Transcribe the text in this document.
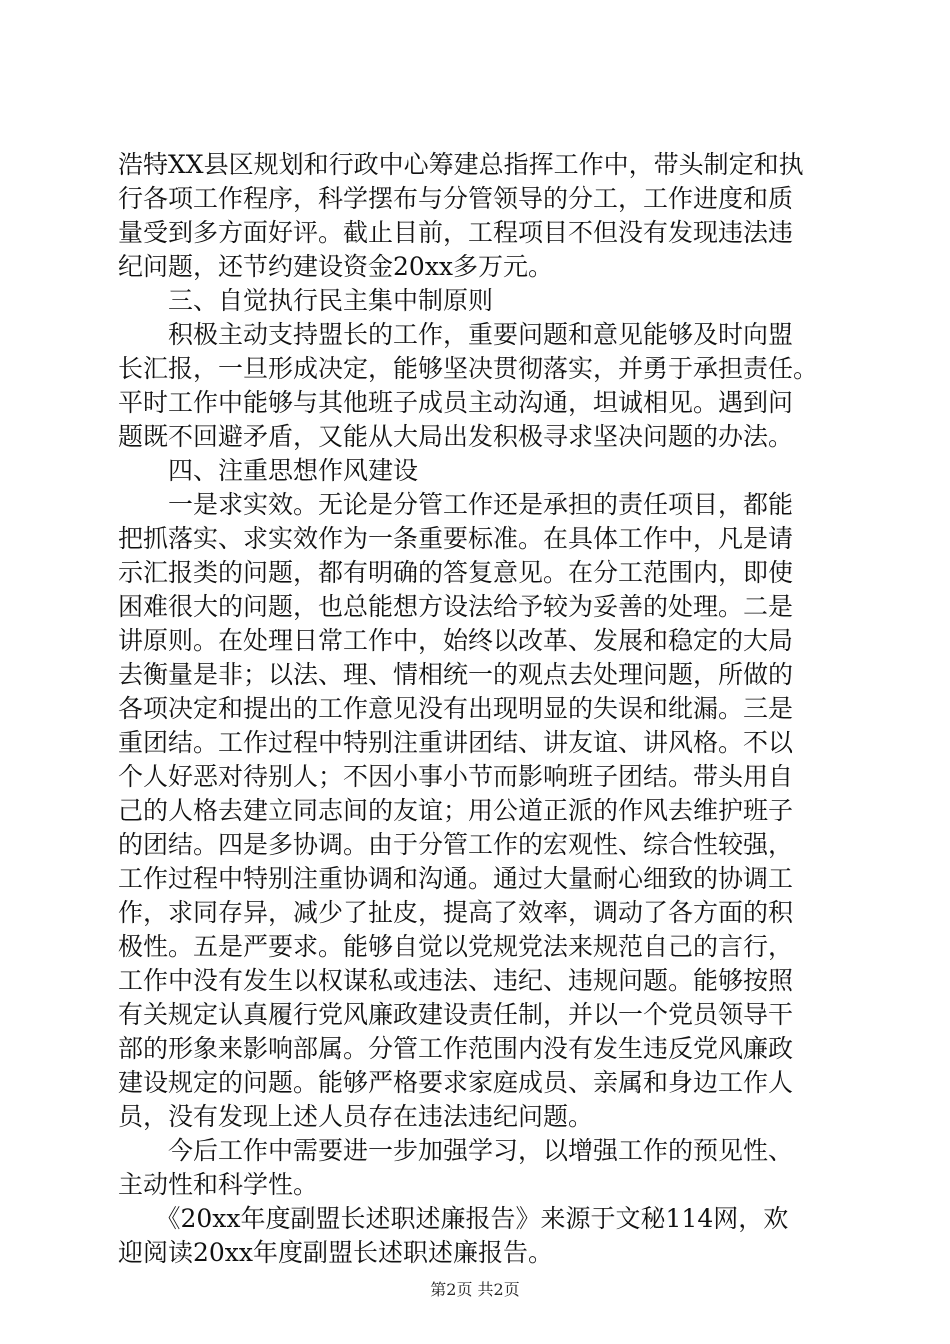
浩特XX县区规划和行政中心筹建总指挥工作中，带头制定和执
行各项工作程序，科学摆布与分管领导的分工，工作进度和质
量受到多方面好评。截止目前，工程项目不但没有发现违法违
纪问题，还节约建设资金20xx多万元。
　　三、自觉执行民主集中制原则
　　积极主动支持盟长的工作，重要问题和意见能够及时向盟
长汇报，一旦形成决定，能够坚决贯彻落实，并勇于承担责任。
平时工作中能够与其他班子成员主动沟通，坦诚相见。遇到问
题既不回避矛盾，又能从大局出发积极寻求坚决问题的办法。
　　四、注重思想作风建设
　　一是求实效。无论是分管工作还是承担的责任项目，都能
把抓落实、求实效作为一条重要标准。在具体工作中，凡是请
示汇报类的问题，都有明确的答复意见。在分工范围内，即使
困难很大的问题，也总能想方设法给予较为妥善的处理。二是
讲原则。在处理日常工作中，始终以改革、发展和稳定的大局
去衡量是非；以法、理、情相统一的观点去处理问题，所做的
各项决定和提出的工作意见没有出现明显的失误和纰漏。三是
重团结。工作过程中特别注重讲团结、讲友谊、讲风格。不以
个人好恶对待别人；不因小事小节而影响班子团结。带头用自
己的人格去建立同志间的友谊；用公道正派的作风去维护班子
的团结。四是多协调。由于分管工作的宏观性、综合性较强，
工作过程中特别注重协调和沟通。通过大量耐心细致的协调工
作，求同存异，减少了扯皮，提高了效率，调动了各方面的积
极性。五是严要求。能够自觉以党规党法来规范自己的言行，
工作中没有发生以权谋私或违法、违纪、违规问题。能够按照
有关规定认真履行党风廉政建设责任制，并以一个党员领导干
部的形象来影响部属。分管工作范围内没有发生违反党风廉政
建设规定的问题。能够严格要求家庭成员、亲属和身边工作人
员，没有发现上述人员存在违法违纪问题。
　　今后工作中需要进一步加强学习，以增强工作的预见性、
主动性和科学性。
　　《20xx年度副盟长述职述廉报告》来源于文秘114网，欢
迎阅读20xx年度副盟长述职述廉报告。
第2页 共2页
